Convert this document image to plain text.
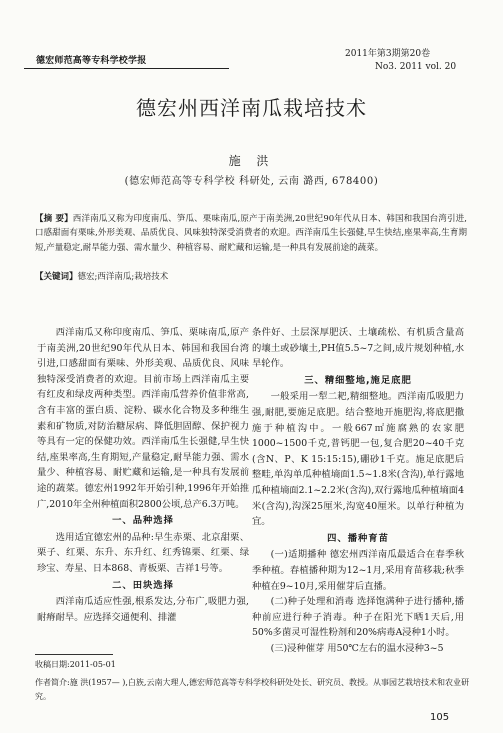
德宏师范高等专科学校学报
2011年第3期第20卷
No3. 2011 vol. 20
德宏州西洋南瓜栽培技术
施 洪
(德宏师范高等专科学校 科研处, 云南 潞西, 678400)
【摘 要】西洋南瓜又称为印度南瓜、笋瓜、栗味南瓜,原产于南美洲,20世纪90年代从日本、韩国和我国台湾引进,口感甜面有栗味,外形美观、品质优良、风味独特深受消费者的欢迎。西洋南瓜生长强健,早生快结,座果率高,生育期短,产量稳定,耐旱能力强、需水量少、种植容易、耐贮藏和运输,是一种具有发展前途的蔬菜。
【关键词】德宏;西洋南瓜;栽培技术

西洋南瓜又称印度南瓜、笋瓜、栗味南瓜,原产于南美洲,20世纪90年代从日本、韩国和我国台湾引进,口感甜面有栗味、外形美观、品质优良、风味独特深受消费者的欢迎。目前市场上西洋南瓜主要有红皮和绿皮两种类型。西洋南瓜营养价值非常高,含有丰富的蛋白质、淀粉、碳水化合物及多种维生素和矿物质,对防治糖尿病、降低胆固醇、保护视力等具有一定的保健功效。西洋南瓜生长强健,早生快结,座果率高,生育期短,产量稳定,耐旱能力强、需水量少、种植容易、耐贮藏和运输,是一种具有发展前途的蔬菜。德宏州1992年开始引种,1996年开始推广,2010年全州种植面积2800公顷,总产6.3万吨。

一、品种选择

选用适宜德宏州的品种:早生赤栗、北京甜栗、栗子、红栗、东升、东升红、红秀锦栗、红栗、绿珍宝、寿星、日本868、青板栗、吉祥1号等。

二、田块选择

西洋南瓜适应性强,根系发达,分布广,吸肥力强,耐瘠耐旱。应选择交通便利、排灌

条件好、土层深厚肥沃、土壤疏松、有机质含量高的壤土或砂壤土,PH值5.5~7之间,成片规划种植,水旱轮作。

三、精细整地,施足底肥

一般采用一犁二耙,精细整地。西洋南瓜吸肥力强,耐肥,要施足底肥。结合整地开施肥沟,将底肥撒施于种植沟中。一般667㎡施腐熟的农家肥1000~1500千克,普钙肥一包,复合肥20~40千克(含N、P、K 15:15:15),硼砂1千克。施足底肥后整畦,单沟单瓜种植墒面1.5~1.8米(含沟),单行露地瓜种植墒面2.1~2.2米(含沟),双行露地瓜种植墒面4米(含沟),沟深25厘米,沟宽40厘米。以单行种植为宜。

四、播种育苗

(一)适期播种 德宏州西洋南瓜最适合在春季秋季种植。春植播种期为12~1月,采用育苗移栽;秋季种植在9~10月,采用催芽后直播。

(二)种子处理和消毒 选择饱满种子进行播种,播种前应进行种子消毒。种子在阳光下晒1天后,用50%多菌灵可湿性粉剂和20%病毒A浸种1小时。

(三)浸种催芽 用50℃左右的温水浸种3~5

收稿日期:2011-05-01
作者简介:施 洪(1957— ),白族,云南大理人,德宏师范高等专科学校科研处处长、研究员、教授。从事园艺栽培技术和农业研究。
105
